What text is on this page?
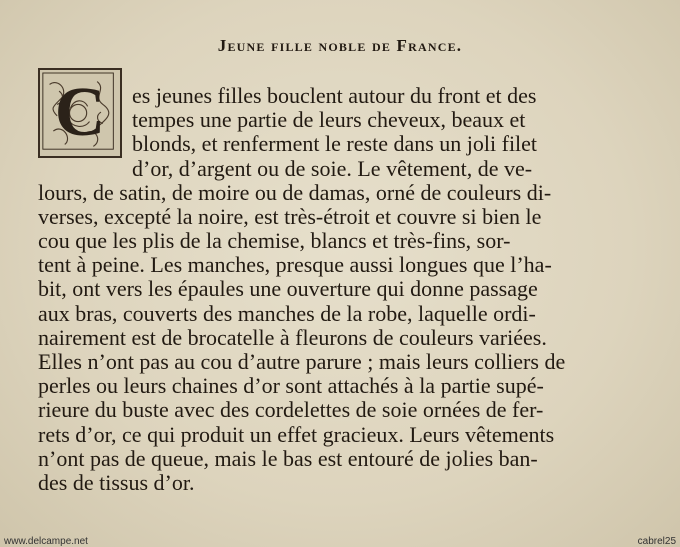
Jeune fille noble de France.
C	es jeunes filles bouclent autour du front et des
tempes une partie de leurs cheveux, beaux et
blonds, et renferment le reste dans un joli filet
d’or, d’argent ou de soie. Le vêtement, de ve-
lours, de satin, de moire ou de damas, orné de couleurs di-
verses, excepté la noire, est très-étroit et couvre si bien le
cou que les plis de la chemise, blancs et très-fins, sor-
tent à peine. Les manches, presque aussi longues que l’ha-
bit, ont vers les épaules une ouverture qui donne passage
aux bras, couverts des manches de la robe, laquelle ordi-
nairement est de brocatelle à fleurons de couleurs variées.
Elles n’ont pas au cou d’autre parure ; mais leurs colliers de
perles ou leurs chaines d’or sont attachés à la partie supé-
rieure du buste avec des cordelettes de soie ornées de fer-
rets d’or, ce qui produit un effet gracieux. Leurs vêtements
n’ont pas de queue, mais le bas est entouré de jolies ban-
des de tissus d’or.
www.delcampe.net	cabrel25
